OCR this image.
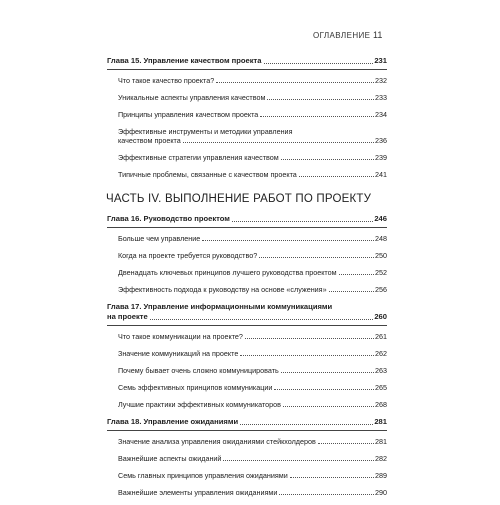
ОГЛАВЛЕНИЕ 11
Глава 15. Управление качеством проекта	231
Что такое качество проекта?	232
Уникальные аспекты управления качеством	233
Принципы управления качеством проекта	234
Эффективные инструменты и методики управления
качеством проекта	236
Эффективные стратегии управления качеством	239
Типичные проблемы, связанные с качеством проекта	241
ЧАСТЬ IV. ВЫПОЛНЕНИЕ РАБОТ ПО ПРОЕКТУ
Глава 16. Руководство проектом	246
Больше чем управление	248
Когда на проекте требуется руководство?	250
Двенадцать ключевых принципов лучшего руководства проектом	252
Эффективность подхода к руководству на основе «служения»	256
Глава 17. Управление информационными коммуникациями
на проекте	260
Что такое коммуникации на проекте?	261
Значение коммуникаций на проекте	262
Почему бывает очень сложно коммуницировать	263
Семь эффективных принципов коммуникации	265
Лучшие практики эффективных коммуникаторов	268
Глава 18. Управление ожиданиями	281
Значение анализа управления ожиданиями стейкхолдеров	281
Важнейшие аспекты ожиданий	282
Семь главных принципов управления ожиданиями	289
Важнейшие элементы управления ожиданиями	290
